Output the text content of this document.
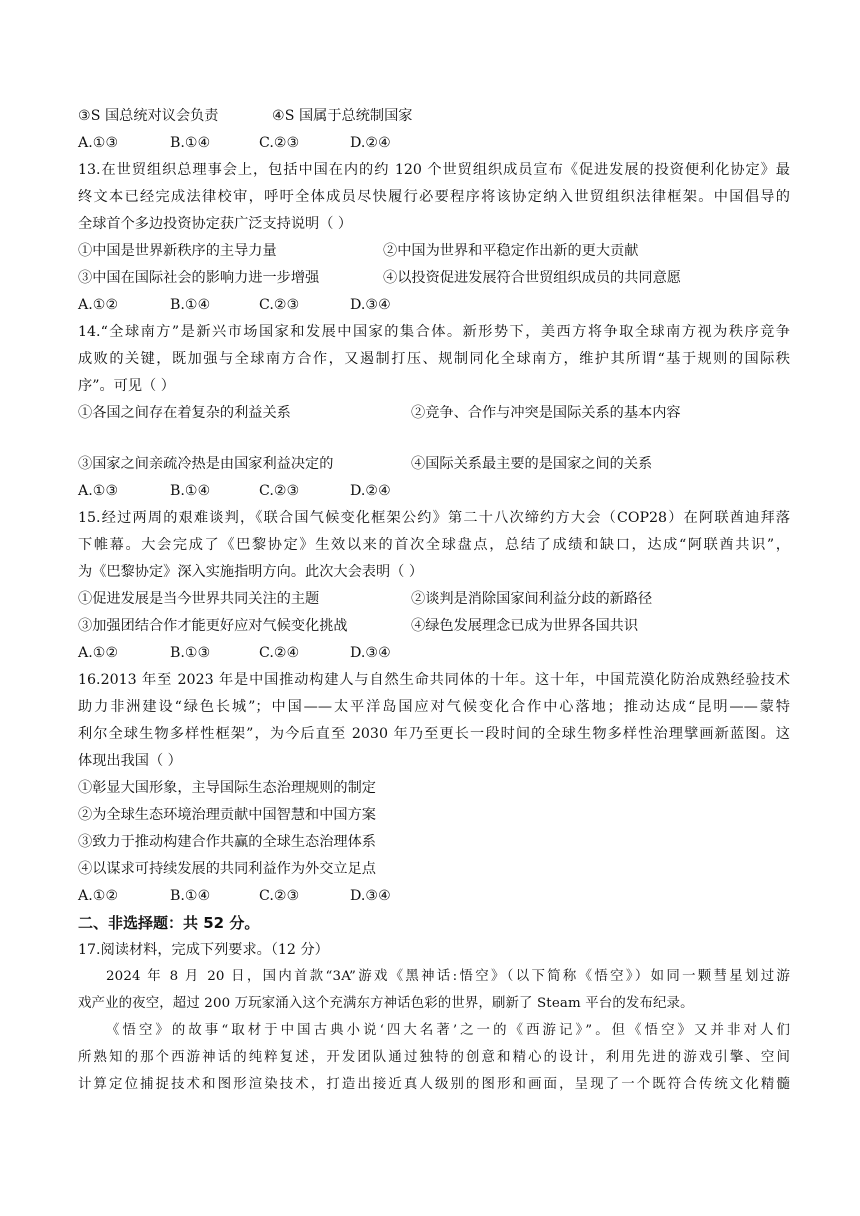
③S 国总统对议会负责	④S 国属于总统制国家
A.①③	B.①④	C.②③	D.②④
13.在世贸组织总理事会上，包括中国在内的约 120 个世贸组织成员宣布《促进发展的投资便利化协定》最
终文本已经完成法律校审，呼吁全体成员尽快履行必要程序将该协定纳入世贸组织法律框架。中国倡导的
全球首个多边投资协定获广泛支持说明（ ）
①中国是世界新秩序的主导力量	②中国为世界和平稳定作出新的更大贡献
③中国在国际社会的影响力进一步增强	④以投资促进发展符合世贸组织成员的共同意愿
A.①②	B.①④	C.②③	D.③④
14.“全球南方”是新兴市场国家和发展中国家的集合体。新形势下，美西方将争取全球南方视为秩序竞争
成败的关键，既加强与全球南方合作，又遏制打压、规制同化全球南方，维护其所谓“基于规则的国际秩
序”。可见（ ）
①各国之间存在着复杂的利益关系	②竞争、合作与冲突是国际关系的基本内容
③国家之间亲疏冷热是由国家利益决定的	④国际关系最主要的是国家之间的关系
A.①③	B.①④	C.②③	D.②④
15.经过两周的艰难谈判，《联合国气候变化框架公约》第二十八次缔约方大会（COP28）在阿联酋迪拜落
下帷幕。大会完成了《巴黎协定》生效以来的首次全球盘点，总结了成绩和缺口，达成“阿联酋共识”，
为《巴黎协定》深入实施指明方向。此次大会表明（ ）
①促进发展是当今世界共同关注的主题	②谈判是消除国家间利益分歧的新路径
③加强团结合作才能更好应对气候变化挑战	④绿色发展理念已成为世界各国共识
A.①②	B.①③	C.②④	D.③④
16.2013 年至 2023 年是中国推动构建人与自然生命共同体的十年。这十年，中国荒漠化防治成熟经验技术
助力非洲建设“绿色长城”；中国——太平洋岛国应对气候变化合作中心落地；推动达成“昆明——蒙特
利尔全球生物多样性框架”，为今后直至 2030 年乃至更长一段时间的全球生物多样性治理擘画新蓝图。这
体现出我国（ ）
①彰显大国形象，主导国际生态治理规则的制定
②为全球生态环境治理贡献中国智慧和中国方案
③致力于推动构建合作共赢的全球生态治理体系
④以谋求可持续发展的共同利益作为外交立足点
A.①②	B.①④	C.②③	D.③④
二、非选择题：共 52 分。
17.阅读材料，完成下列要求。（12 分）
2024 年 8 月 20 日，国内首款“3A”游戏《黑神话:悟空》（以下简称《悟空》）如同一颗彗星划过游
戏产业的夜空，超过 200 万玩家涌入这个充满东方神话色彩的世界，刷新了 Steam 平台的发布纪录。
《悟空》的故事“取材于中国古典小说‘四大名著’之一的《西游记》”。但《悟空》又并非对人们
所熟知的那个西游神话的纯粹复述，开发团队通过独特的创意和精心的设计，利用先进的游戏引擎、空间
计算定位捕捉技术和图形渲染技术，打造出接近真人级别的图形和画面，呈现了一个既符合传统文化精髓
